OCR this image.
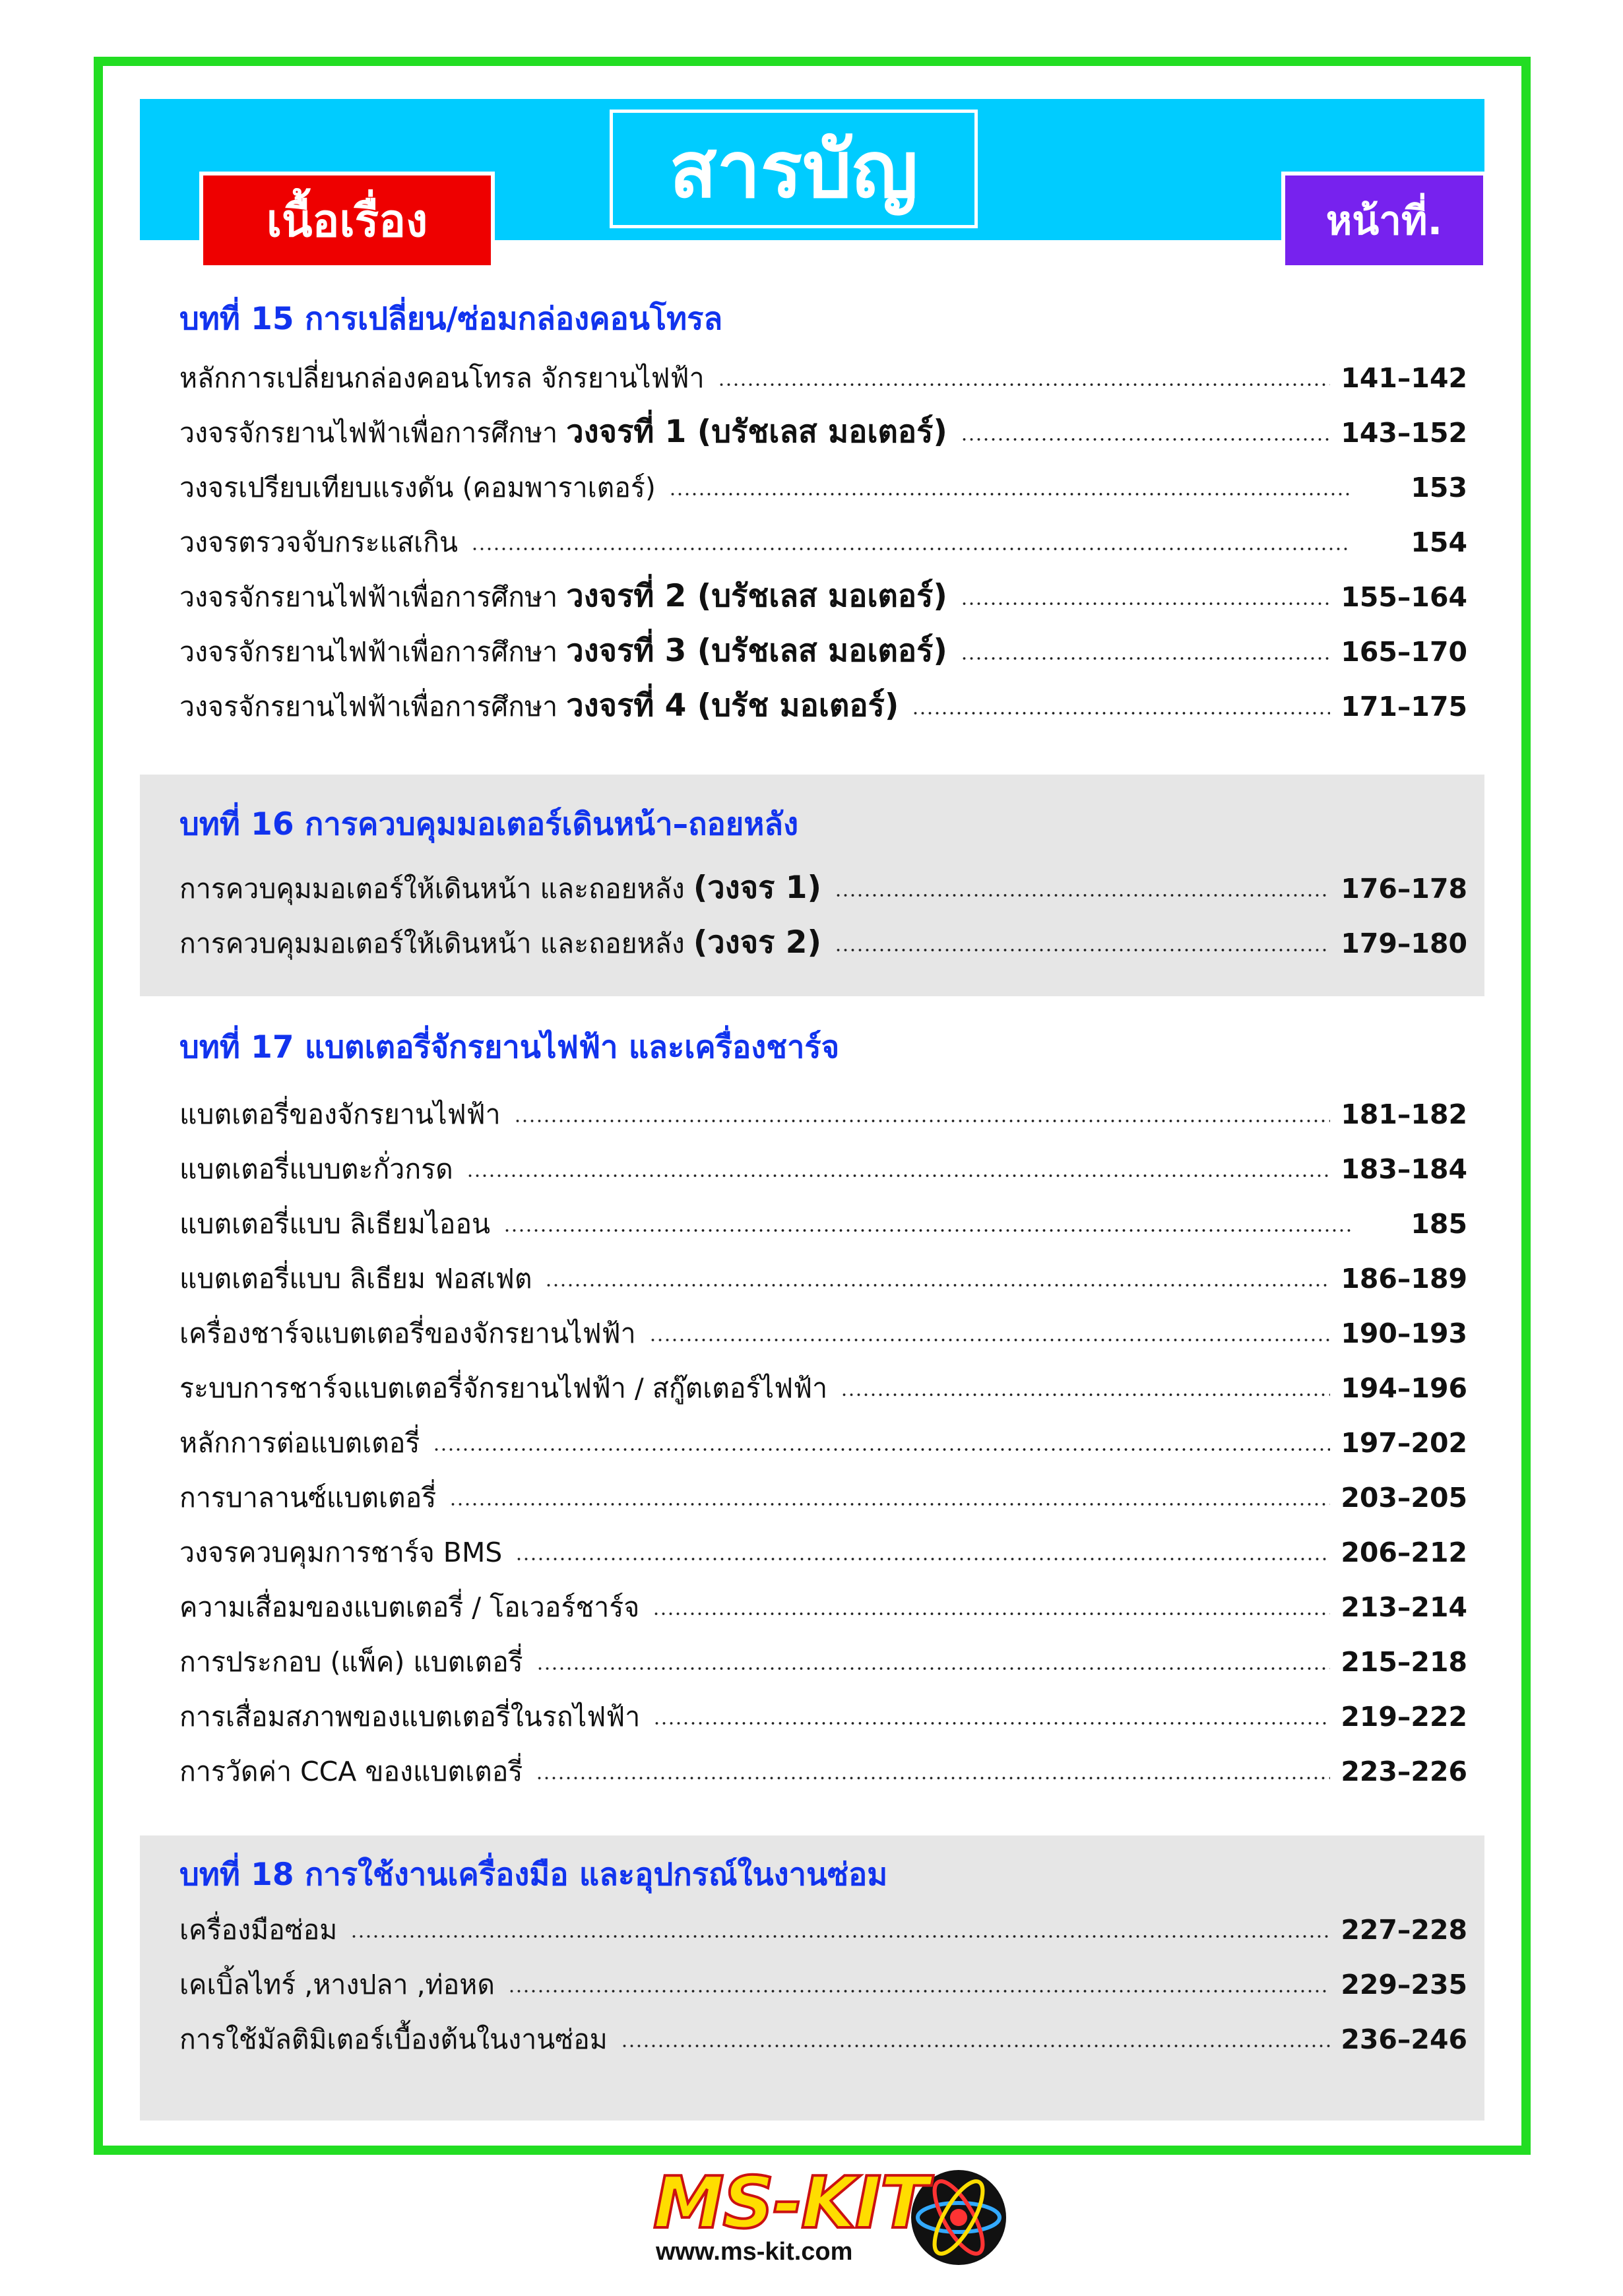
สารบัญ
เนื้อเรื่อง	หน้าที่.
บทที่ 15 การเปลี่ยน/ซ่อมกล่องคอนโทรล
หลักการเปลี่ยนกล่องคอนโทรล จักรยานไฟฟ้า	141–142
วงจรจักรยานไฟฟ้าเพื่อการศึกษา วงจรที่ 1 (บรัชเลส มอเตอร์)	143–152
วงจรเปรียบเทียบแรงดัน (คอมพาราเตอร์)	153
วงจรตรวจจับกระแสเกิน	154
วงจรจักรยานไฟฟ้าเพื่อการศึกษา วงจรที่ 2 (บรัชเลส มอเตอร์)	155–164
วงจรจักรยานไฟฟ้าเพื่อการศึกษา วงจรที่ 3 (บรัชเลส มอเตอร์)	165–170
วงจรจักรยานไฟฟ้าเพื่อการศึกษา วงจรที่ 4 (บรัช มอเตอร์)	171–175
บทที่ 16 การควบคุมมอเตอร์เดินหน้า–ถอยหลัง
การควบคุมมอเตอร์ให้เดินหน้า และถอยหลัง (วงจร 1)	176–178
การควบคุมมอเตอร์ให้เดินหน้า และถอยหลัง (วงจร 2)	179–180
บทที่ 17 แบตเตอรี่จักรยานไฟฟ้า และเครื่องชาร์จ
แบตเตอรี่ของจักรยานไฟฟ้า	181–182
แบตเตอรี่แบบตะกั่วกรด	183–184
แบตเตอรี่แบบ ลิเธียมไออน	185
แบตเตอรี่แบบ ลิเธียม ฟอสเฟต	186–189
เครื่องชาร์จแบตเตอรี่ของจักรยานไฟฟ้า	190–193
ระบบการชาร์จแบตเตอรี่จักรยานไฟฟ้า / สกู๊ตเตอร์ไฟฟ้า	194–196
หลักการต่อแบตเตอรี่	197–202
การบาลานซ์แบตเตอรี่	203–205
วงจรควบคุมการชาร์จ BMS	206–212
ความเสื่อมของแบตเตอรี่ / โอเวอร์ชาร์จ	213–214
การประกอบ (แพ็ค) แบตเตอรี่	215–218
การเสื่อมสภาพของแบตเตอรี่ในรถไฟฟ้า	219–222
การวัดค่า CCA ของแบตเตอรี่	223–226
บทที่ 18 การใช้งานเครื่องมือ และอุปกรณ์ในงานซ่อม
เครื่องมือซ่อม	227–228
เคเบิ้ลไทร์ ,หางปลา ,ท่อหด	229–235
การใช้มัลติมิเตอร์เบื้องต้นในงานซ่อม	236–246
MS-KIT
www.ms-kit.com
